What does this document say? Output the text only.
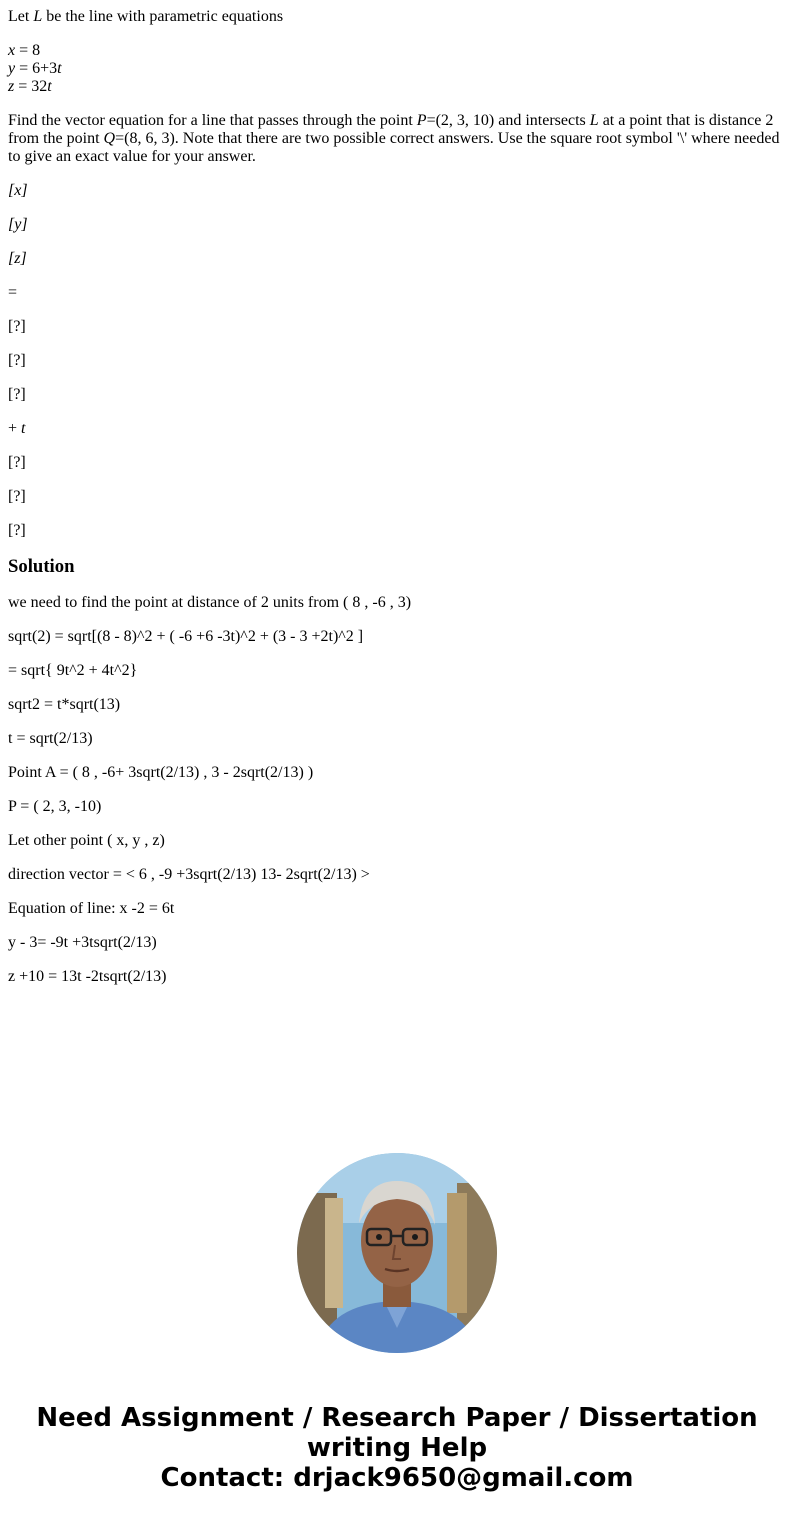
Let L be the line with parametric equations

x = 8
y = 6+3t
z = 32t

Find the vector equation for a line that passes through the point P=(2, 3, 10) and intersects L at a point that is distance 2 from the point Q=(8, 6, 3). Note that there are two possible correct answers. Use the square root symbol '\' where needed to give an exact value for your answer.

[x]

[y]

[z]

=

[?]

[?]

[?]

+ t

[?]

[?]

[?]

Solution

we need to find the point at distance of 2 units from ( 8 , -6 , 3)

sqrt(2) = sqrt[(8 - 8)^2 + ( -6 +6 -3t)^2 + (3 - 3 +2t)^2 ]

= sqrt{ 9t^2 + 4t^2}

sqrt2 = t*sqrt(13)

t = sqrt(2/13)

Point A = ( 8 , -6+ 3sqrt(2/13) , 3 - 2sqrt(2/13) )

P = ( 2, 3, -10)

Let other point ( x, y , z)

direction vector = < 6 , -9 +3sqrt(2/13) 13- 2sqrt(2/13) >

Equation of line: x -2 = 6t

y - 3= -9t +3tsqrt(2/13)

z +10 = 13t -2tsqrt(2/13)

Need Assignment / Research Paper / Dissertation
writing Help
Contact: drjack9650@gmail.com
